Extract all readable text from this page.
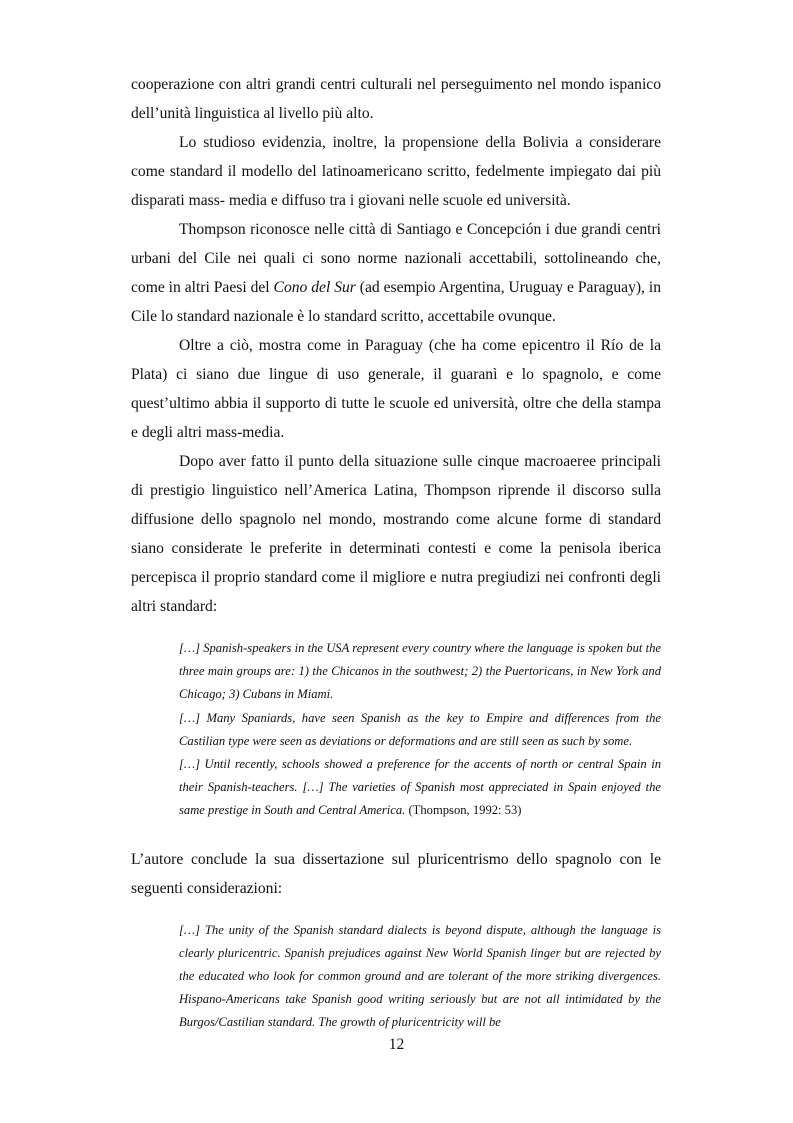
cooperazione con altri grandi centri culturali nel perseguimento nel mondo ispanico dell’unità linguistica al livello più alto.

Lo studioso evidenzia, inoltre, la propensione della Bolivia a considerare come standard il modello del latinoamericano scritto, fedelmente impiegato dai più disparati mass- media e diffuso tra i giovani nelle scuole ed università.

Thompson riconosce nelle città di Santiago e Concepción i due grandi centri urbani del Cile nei quali ci sono norme nazionali accettabili, sottolineando che, come in altri Paesi del Cono del Sur (ad esempio Argentina, Uruguay e Paraguay), in Cile lo standard nazionale è lo standard scritto, accettabile ovunque.

Oltre a ciò, mostra come in Paraguay (che ha come epicentro il Río de la Plata) ci siano due lingue di uso generale, il guaranì e lo spagnolo, e come quest’ultimo abbia il supporto di tutte le scuole ed università, oltre che della stampa e degli altri mass-media.

Dopo aver fatto il punto della situazione sulle cinque macroaeree principali di prestigio linguistico nell’America Latina, Thompson riprende il discorso sulla diffusione dello spagnolo nel mondo, mostrando come alcune forme di standard siano considerate le preferite in determinati contesti e come la penisola iberica percepisca il proprio standard come il migliore e nutra pregiudizi nei confronti degli altri standard:

[…] Spanish-speakers in the USA represent every country where the language is spoken but the three main groups are: 1) the Chicanos in the southwest; 2) the Puertoricans, in New York and Chicago; 3) Cubans in Miami.

[…] Many Spaniards, have seen Spanish as the key to Empire and differences from the Castilian type were seen as deviations or deformations and are still seen as such by some.

[…] Until recently, schools showed a preference for the accents of north or central Spain in their Spanish-teachers. […] The varieties of Spanish most appreciated in Spain enjoyed the same prestige in South and Central America. (Thompson, 1992: 53)

L’autore conclude la sua dissertazione sul pluricentrismo dello spagnolo con le seguenti considerazioni:

[…] The unity of the Spanish standard dialects is beyond dispute, although the language is clearly pluricentric. Spanish prejudices against New World Spanish linger but are rejected by the educated who look for common ground and are tolerant of the more striking divergences. Hispano-Americans take Spanish good writing seriously but are not all intimidated by the Burgos/Castilian standard. The growth of pluricentricity will be

12
